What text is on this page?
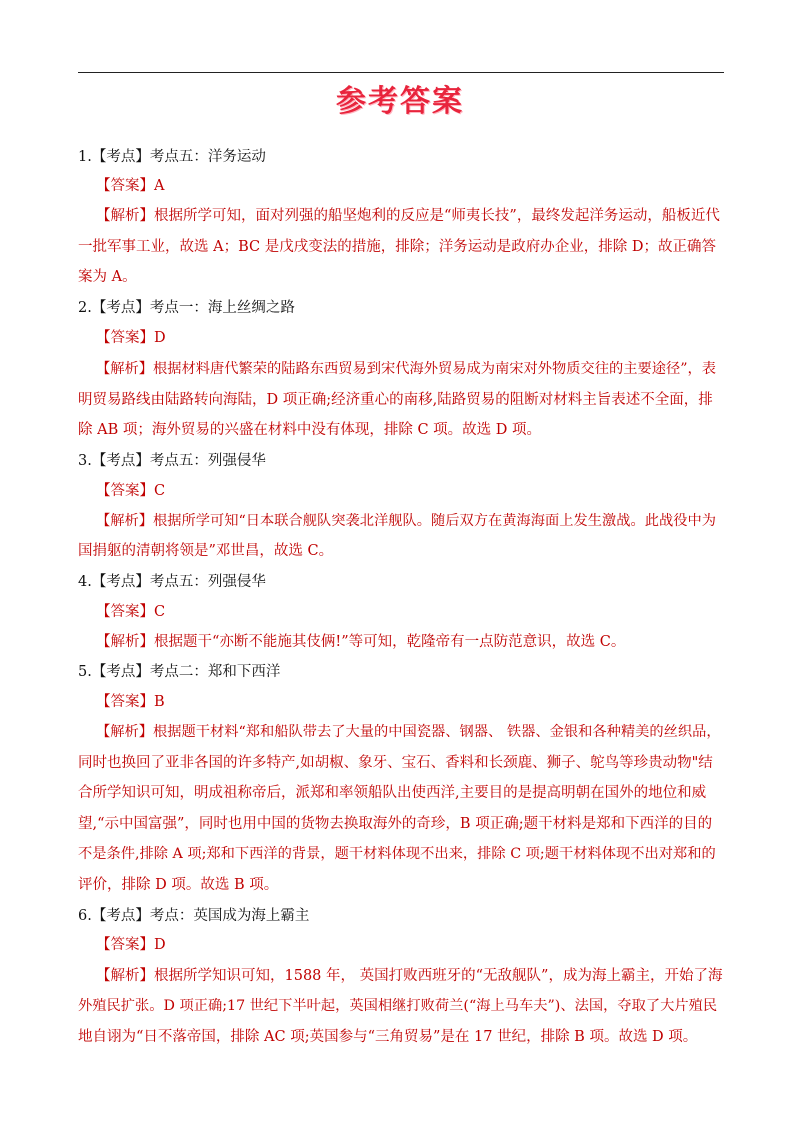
参考答案
1.【考点】考点五：洋务运动
【答案】A
【解析】根据所学可知，面对列强的船坚炮利的反应是“师夷长技”，最终发起洋务运动，船板近代
一批军事工业，故选 A；BC 是戊戌变法的措施，排除；洋务运动是政府办企业，排除 D；故正确答
案为 A。
2.【考点】考点一：海上丝绸之路
【答案】D
【解析】根据材料唐代繁荣的陆路东西贸易到宋代海外贸易成为南宋对外物质交往的主要途径”，表
明贸易路线由陆路转向海陆，D 项正确;经济重心的南移,陆路贸易的阻断对材料主旨表述不全面，排
除 AB 项；海外贸易的兴盛在材料中没有体现，排除 C 项。故选 D 项。
3.【考点】考点五：列强侵华
【答案】C
【解析】根据所学可知“日本联合舰队突袭北洋舰队。随后双方在黄海海面上发生激战。此战役中为
国捐躯的清朝将领是”邓世昌，故选 C。
4.【考点】考点五：列强侵华
【答案】C
【解析】根据题干“亦断不能施其伎俩!”等可知，乾隆帝有一点防范意识，故选 C。
5.【考点】考点二：郑和下西洋
【答案】B
【解析】根据题干材料“郑和船队带去了大量的中国瓷器、钢器、 铁器、金银和各种精美的丝织品，
同时也换回了亚非各国的许多特产,如胡椒、象牙、宝石、香料和长颈鹿、狮子、鸵鸟等珍贵动物"结
合所学知识可知，明成祖称帝后，派郑和率领船队出使西洋,主要目的是提高明朝在国外的地位和威
望,“示中国富强”，同时也用中国的货物去换取海外的奇珍，B 项正确;题干材料是郑和下西洋的目的
不是条件,排除 A 项;郑和下西洋的背景，题干材料体现不出来，排除 C 项;题干材料体现不出对郑和的
评价，排除 D 项。故选 B 项。
6.【考点】考点：英国成为海上霸主
【答案】D
【解析】根据所学知识可知，1588 年， 英国打败西班牙的“无敌舰队”，成为海上霸主，开始了海
外殖民扩张。D 项正确;17 世纪下半叶起，英国相继打败荷兰(“海上马车夫”)、法国，夺取了大片殖民
地自诩为“日不落帝国，排除 AC 项;英国参与“三角贸易”是在 17 世纪，排除 B 项。故选 D 项。
